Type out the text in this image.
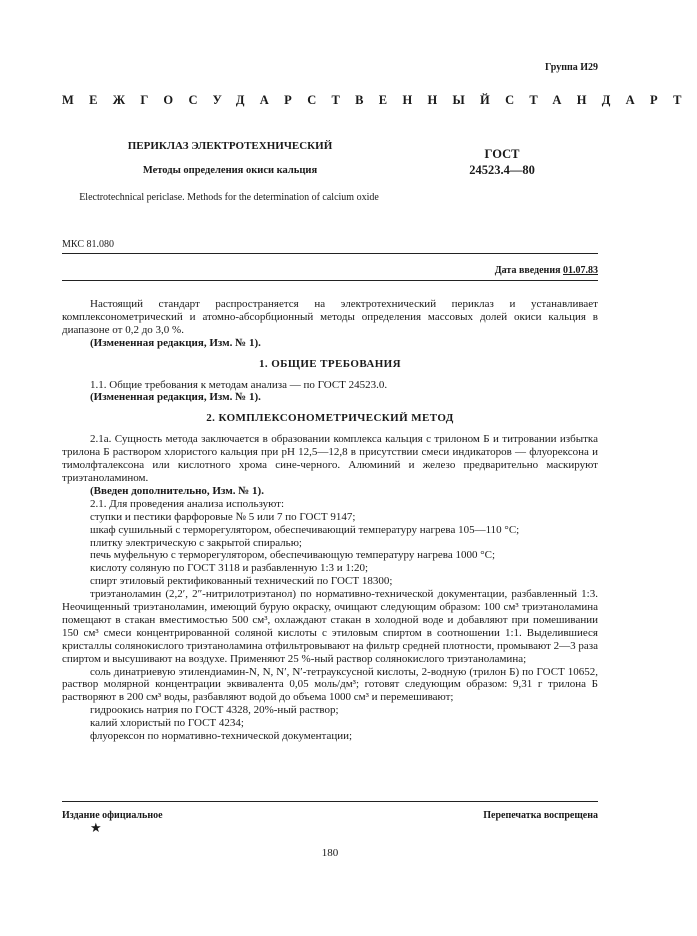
Группа И29
МЕЖГОСУДАРСТВЕННЫЙ СТАНДАРТ
ПЕРИКЛАЗ ЭЛЕКТРОТЕХНИЧЕСКИЙ
Методы определения окиси кальция
Electrotechnical periclase. Methods for the determination of calcium oxide
ГОСТ
24523.4—80
МКС 81.080
Дата введения 01.07.83

Настоящий стандарт распространяется на электротехнический периклаз и устанавливает комплексонометрический и атомно-абсорбционный методы определения массовых долей окиси кальция в диапазоне от 0,2 до 3,0 %.

(Измененная редакция, Изм. № 1).

1. ОБЩИЕ ТРЕБОВАНИЯ

1.1. Общие требования к методам анализа — по ГОСТ 24523.0.

(Измененная редакция, Изм. № 1).

2. КОМПЛЕКСОНОМЕТРИЧЕСКИЙ МЕТОД

2.1а. Сущность метода заключается в образовании комплекса кальция с трилоном Б и титровании избытка трилона Б раствором хлористого кальция при pH 12,5—12,8 в присутствии смеси индикаторов — флуорексона и тимолфталексона или кислотного хрома сине-черного. Алюминий и железо предварительно маскируют триэтаноламином.

(Введен дополнительно, Изм. № 1).

2.1. Для проведения анализа используют:

ступки и пестики фарфоровые № 5 или 7 по ГОСТ 9147;

шкаф сушильный с терморегулятором, обеспечивающий температуру нагрева 105—110 °С;

плитку электрическую с закрытой спиралью;

печь муфельную с терморегулятором, обеспечивающую температуру нагрева 1000 °С;

кислоту соляную по ГОСТ 3118 и разбавленную 1:3 и 1:20;

спирт этиловый ректификованный технический по ГОСТ 18300;

триэтаноламин (2,2′, 2″-нитрилотриэтанол) по нормативно-технической документации, разбавленный 1:3. Неочищенный триэтаноламин, имеющий бурую окраску, очищают следующим образом: 100 см³ триэтаноламина помещают в стакан вместимостью 500 см³, охлаждают стакан в холодной воде и добавляют при помешивании 150 см³ смеси концентрированной соляной кислоты с этиловым спиртом в соотношении 1:1. Выделившиеся кристаллы солянокислого триэтаноламина отфильтровывают на фильтр средней плотности, промывают 2—3 раза спиртом и высушивают на воздухе. Применяют 25 %-ный раствор солянокислого триэтаноламина;

соль динатриевую этилендиамин-N, N, N′, N′-тетрауксусной кислоты, 2-водную (трилон Б) по ГОСТ 10652, раствор молярной концентрации эквивалента 0,05 моль/дм³; готовят следующим образом: 9,31 г трилона Б растворяют в 200 см³ воды, разбавляют водой до объема 1000 см³ и перемешивают;

гидроокись натрия по ГОСТ 4328, 20%-ный раствор;

калий хлористый по ГОСТ 4234;

флуорексон по нормативно-технической документации;

Издание официальное
★
Перепечатка воспрещена
180
